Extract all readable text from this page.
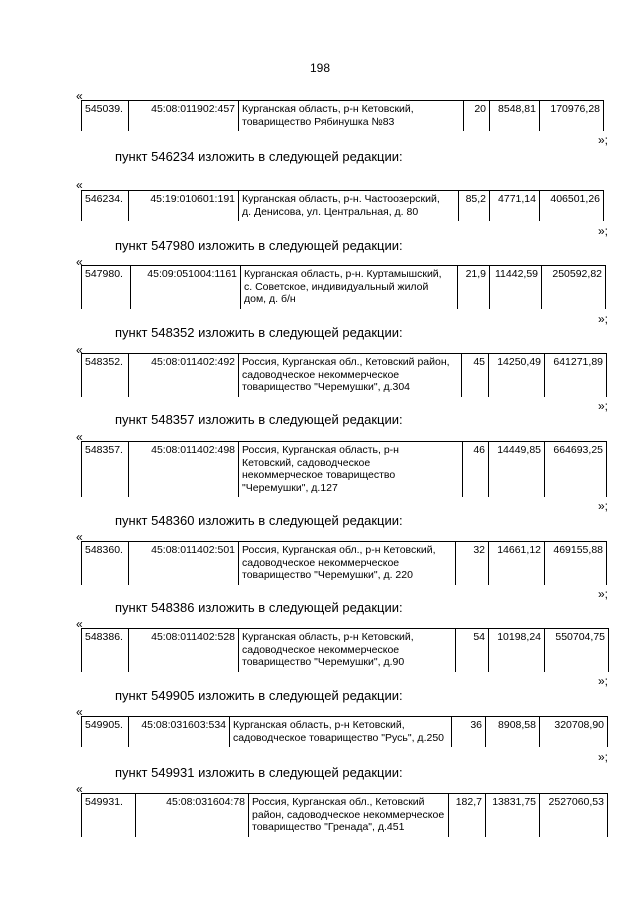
198
«
545039.	45:08:011902:457	Курганская область, р-н Кетовский,
товарищество Рябинушка №83	20	8548,81	170976,28
»;
пункт 546234 изложить в следующей редакции:
«
546234.	45:19:010601:191	Курганская область, р-н. Частоозерский,
д. Денисова, ул. Центральная, д. 80	85,2	4771,14	406501,26
»;
пункт 547980 изложить в следующей редакции:
«
547980.	45:09:051004:1161	Курганская область, р-н. Куртамышский,
с. Советское, индивидуальный жилой
дом, д. б/н	21,9	11442,59	250592,82
»;
пункт 548352 изложить в следующей редакции:
«
548352.	45:08:011402:492	Россия, Курганская обл., Кетовский район,
садоводческое некоммерческое
товарищество "Черемушки", д.304	45	14250,49	641271,89
»;
пункт 548357 изложить в следующей редакции:
«
548357.	45:08:011402:498	Россия, Курганская область, р-н
Кетовский, садоводческое
некоммерческое товарищество
"Черемушки", д.127	46	14449,85	664693,25
»;
пункт 548360 изложить в следующей редакции:
«
548360.	45:08:011402:501	Россия, Курганская обл., р-н Кетовский,
садоводческое некоммерческое
товарищество "Черемушки", д. 220	32	14661,12	469155,88
»;
пункт 548386 изложить в следующей редакции:
«
548386.	45:08:011402:528	Курганская область, р-н Кетовский,
садоводческое некоммерческое
товарищество "Черемушки", д.90	54	10198,24	550704,75
»;
пункт 549905 изложить в следующей редакции:
«
549905.	45:08:031603:534	Курганская область, р-н Кетовский,
садоводческое товарищество "Русь", д.250	36	8908,58	320708,90
»;
пункт 549931 изложить в следующей редакции:
«
549931.	45:08:031604:78	Россия, Курганская обл., Кетовский
район, садоводческое некоммерческое
товарищество "Гренада", д.451	182,7	13831,75	2527060,53
